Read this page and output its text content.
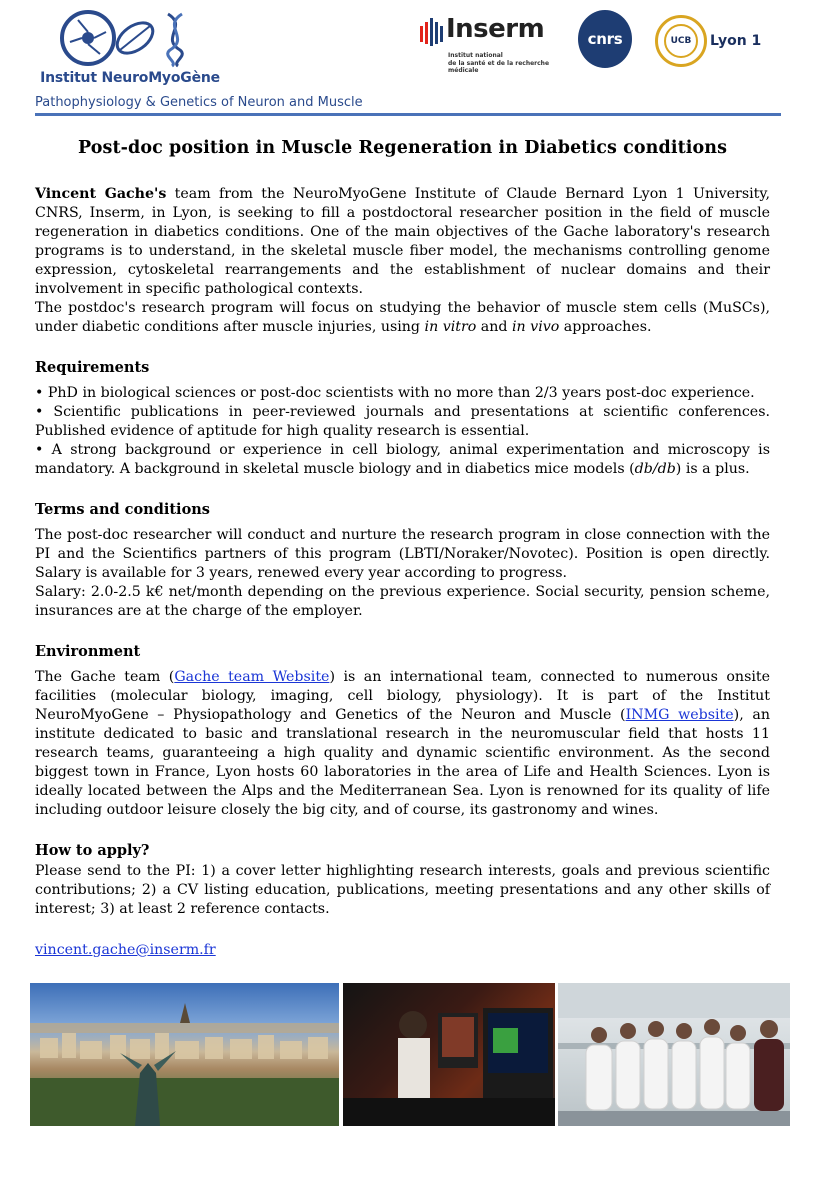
Institut NeuroMyoGène
Inserm
Institut national
de la santé et de la recherche médicale
cnrs	UCB	Lyon 1
Pathophysiology & Genetics of Neuron and Muscle
Post-doc position in Muscle Regeneration in Diabetics conditions

Vincent Gache's team from the NeuroMyoGene Institute of Claude Bernard Lyon 1 University, CNRS, Inserm, in Lyon, is seeking to fill a postdoctoral researcher position in the field of muscle regeneration in diabetics conditions. One of the main objectives of the Gache laboratory's research programs is to understand, in the skeletal muscle fiber model, the mechanisms controlling genome expression, cytoskeletal rearrangements and the establishment of nuclear domains and their involvement in specific pathological contexts.

The postdoc's research program will focus on studying the behavior of muscle stem cells (MuSCs), under diabetic conditions after muscle injuries, using in vitro and in vivo approaches.

Requirements

• PhD in biological sciences or post-doc scientists with no more than 2/3 years post-doc experience.

• Scientific publications in peer-reviewed journals and presentations at scientific conferences. Published evidence of aptitude for high quality research is essential.

• A strong background or experience in cell biology, animal experimentation and microscopy is mandatory. A background in skeletal muscle biology and in diabetics mice models (db/db) is a plus.

Terms and conditions

The post-doc researcher will conduct and nurture the research program in close connection with the PI and the Scientifics partners of this program (LBTI/Noraker/Novotec). Position is open directly. Salary is available for 3 years, renewed every year according to progress.

Salary: 2.0-2.5 k€ net/month depending on the previous experience. Social security, pension scheme, insurances are at the charge of the employer.

Environment

The Gache team (Gache team Website) is an international team, connected to numerous onsite facilities (molecular biology, imaging, cell biology, physiology). It is part of the Institut NeuroMyoGene – Physiopathology and Genetics of the Neuron and Muscle (INMG website), an institute dedicated to basic and translational research in the neuromuscular field that hosts 11 research teams, guaranteeing a high quality and dynamic scientific environment. As the second biggest town in France, Lyon hosts 60 laboratories in the area of Life and Health Sciences. Lyon is ideally located between the Alps and the Mediterranean Sea. Lyon is renowned for its quality of life including outdoor leisure closely the big city, and of course, its gastronomy and wines.

How to apply?

Please send to the PI: 1) a cover letter highlighting research interests, goals and previous scientific contributions; 2) a CV listing education, publications, meeting presentations and any other skills of interest; 3) at least 2 reference contacts.

vincent.gache@inserm.fr
